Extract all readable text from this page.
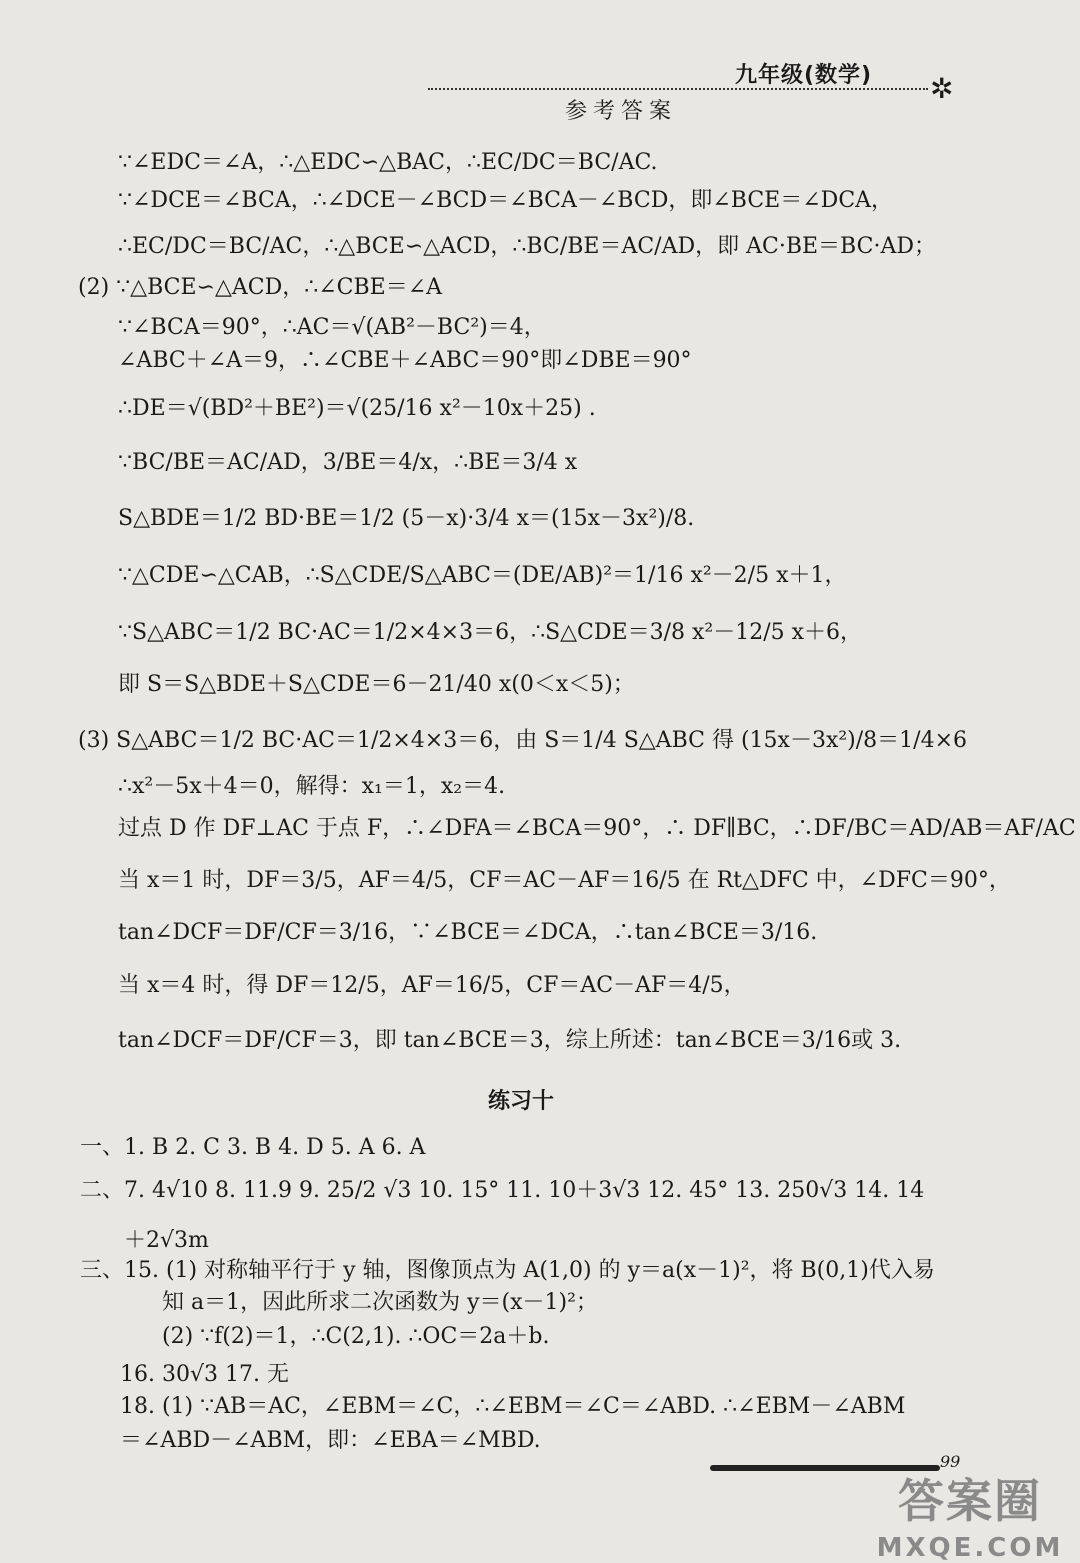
九年级(数学) ✲
参考答案
∵∠EDC＝∠A，∴△EDC∽△BAC，∴EC/DC＝BC/AC.
∵∠DCE＝∠BCA，∴∠DCE－∠BCD＝∠BCA－∠BCD，即∠BCE＝∠DCA，
∴EC/DC＝BC/AC，∴△BCE∽△ACD，∴BC/BE＝AC/AD，即 AC·BE＝BC·AD；
(2) ∵△BCE∽△ACD，∴∠CBE＝∠A
∵∠BCA＝90°，∴AC＝√(AB²－BC²)＝4，
∠ABC＋∠A＝9，∴∠CBE＋∠ABC＝90°即∠DBE＝90°
∴DE＝√(BD²＋BE²)＝√(25/16 x²－10x＋25) .
∵BC/BE＝AC/AD，3/BE＝4/x，∴BE＝3/4 x
S△BDE＝1/2 BD·BE＝1/2 (5－x)·3/4 x＝(15x－3x²)/8.
∵△CDE∽△CAB，∴S△CDE/S△ABC＝(DE/AB)²＝1/16 x²－2/5 x＋1，
∵S△ABC＝1/2 BC·AC＝1/2×4×3＝6，∴S△CDE＝3/8 x²－12/5 x＋6，
即 S＝S△BDE＋S△CDE＝6－21/40 x(0＜x＜5)；
(3) S△ABC＝1/2 BC·AC＝1/2×4×3＝6，由 S＝1/4 S△ABC 得 (15x－3x²)/8＝1/4×6
∴x²－5x＋4＝0，解得：x₁＝1，x₂＝4.
过点 D 作 DF⊥AC 于点 F，∴∠DFA＝∠BCA＝90°，∴ DF∥BC，∴DF/BC＝AD/AB＝AF/AC
当 x＝1 时，DF＝3/5，AF＝4/5，CF＝AC－AF＝16/5 在 Rt△DFC 中，∠DFC＝90°，
tan∠DCF＝DF/CF＝3/16，∵∠BCE＝∠DCA，∴tan∠BCE＝3/16.
当 x＝4 时，得 DF＝12/5，AF＝16/5，CF＝AC－AF＝4/5，
tan∠DCF＝DF/CF＝3，即 tan∠BCE＝3，综上所述：tan∠BCE＝3/16或 3.
练习十
一、1. B 2. C 3. B 4. D 5. A 6. A
二、7. 4√10 8. 11.9 9. 25/2 √3 10. 15° 11. 10＋3√3 12. 45° 13. 250√3 14. 14
＋2√3m
三、15. (1) 对称轴平行于 y 轴，图像顶点为 A(1,0) 的 y＝a(x－1)²，将 B(0,1)代入易
知 a＝1，因此所求二次函数为 y＝(x－1)²；
(2) ∵f(2)＝1，∴C(2,1). ∴OC＝2a＋b.
16. 30√3 17. 无
18. (1) ∵AB＝AC，∠EBM＝∠C，∴∠EBM＝∠C＝∠ABD. ∴∠EBM－∠ABM
＝∠ABD－∠ABM，即：∠EBA＝∠MBD.
99
答案圈
MXQE.COM
